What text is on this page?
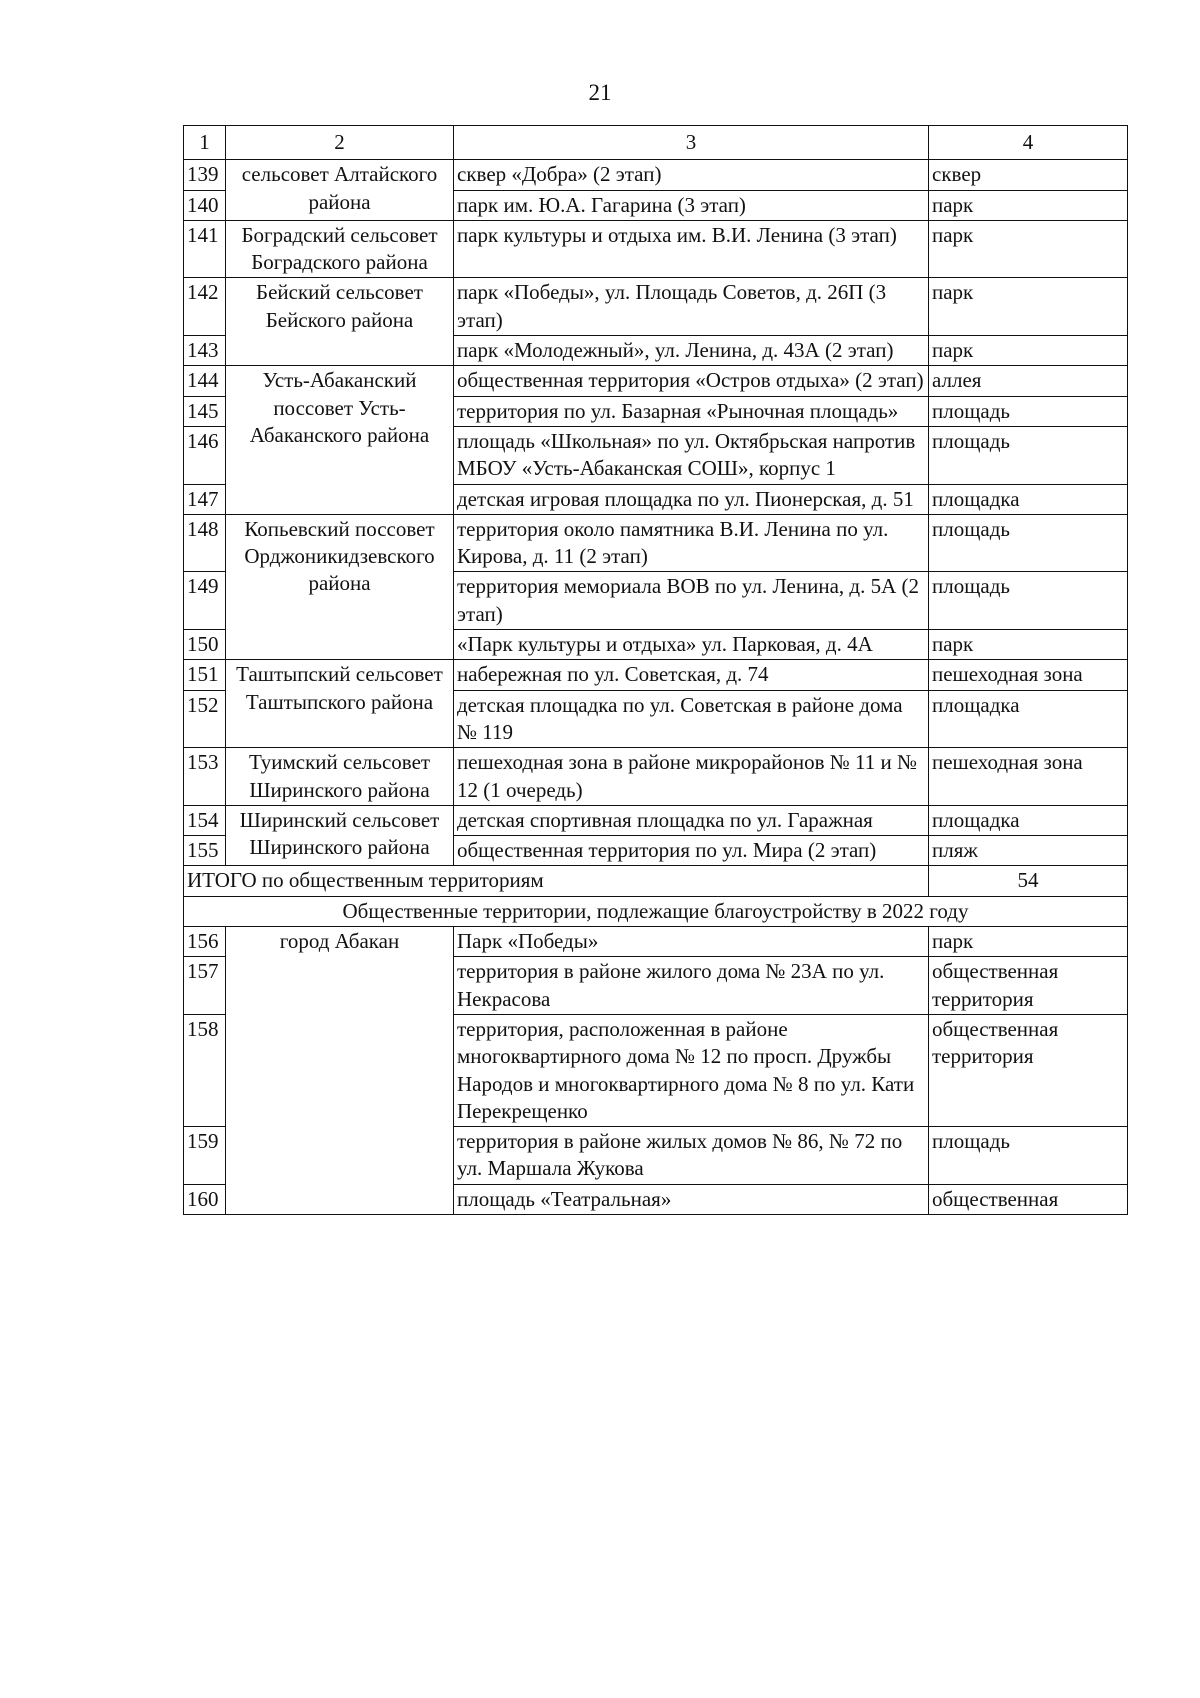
21
1	2	3	4
139	сельсовет Алтайского района	сквер «Добра» (2 этап)	сквер
140		парк им. Ю.А. Гагарина (3 этап)	парк
141	Боградский сельсовет Боградского района	парк культуры и отдыха им. В.И. Ленина (3 этап)	парк
142	Бейский сельсовет Бейского района	парк «Победы», ул. Площадь Советов, д. 26П (3 этап)	парк
143		парк «Молодежный», ул. Ленина, д. 43А (2 этап)	парк
144	Усть-Абаканский поссовет Усть-Абаканского района	общественная территория «Остров отдыха» (2 этап)	аллея
145		территория по ул. Базарная «Рыночная площадь»	площадь
146		площадь «Школьная» по ул. Октябрьская напротив МБОУ «Усть-Абаканская СОШ», корпус 1	площадь
147		детская игровая площадка по ул. Пионерская, д. 51	площадка
148	Копьевский поссовет Орджоникидзевского района	территория около памятника В.И. Ленина по ул. Кирова, д. 11 (2 этап)	площадь
149		территория мемориала ВОВ по ул. Ленина, д. 5А (2 этап)	площадь
150		«Парк культуры и отдыха» ул. Парковая, д. 4А	парк
151	Таштыпский сельсовет Таштыпского района	набережная по ул. Советская, д. 74	пешеходная зона
152		детская площадка по ул. Советская в районе дома № 119	площадка
153	Туимский сельсовет Ширинского района	пешеходная зона в районе микрорайонов № 11 и № 12 (1 очередь)	пешеходная зона
154	Ширинский сельсовет Ширинского района	детская спортивная площадка по ул. Гаражная	площадка
155		общественная территория по ул. Мира (2 этап)	пляж
ИТОГО по общественным территориям			54
Общественные территории, подлежащие благоустройству в 2022 году			
156	город Абакан	Парк «Победы»	парк
157		территория в районе жилого дома № 23А по ул. Некрасова	общественная территория
158		территория, расположенная в районе многоквартирного дома № 12 по просп. Дружбы Народов и многоквартирного дома № 8 по ул. Кати Перекрещенко	общественная территория
159		территория в районе жилых домов № 86, № 72 по ул. Маршала Жукова	площадь
160		площадь «Театральная»	общественная
